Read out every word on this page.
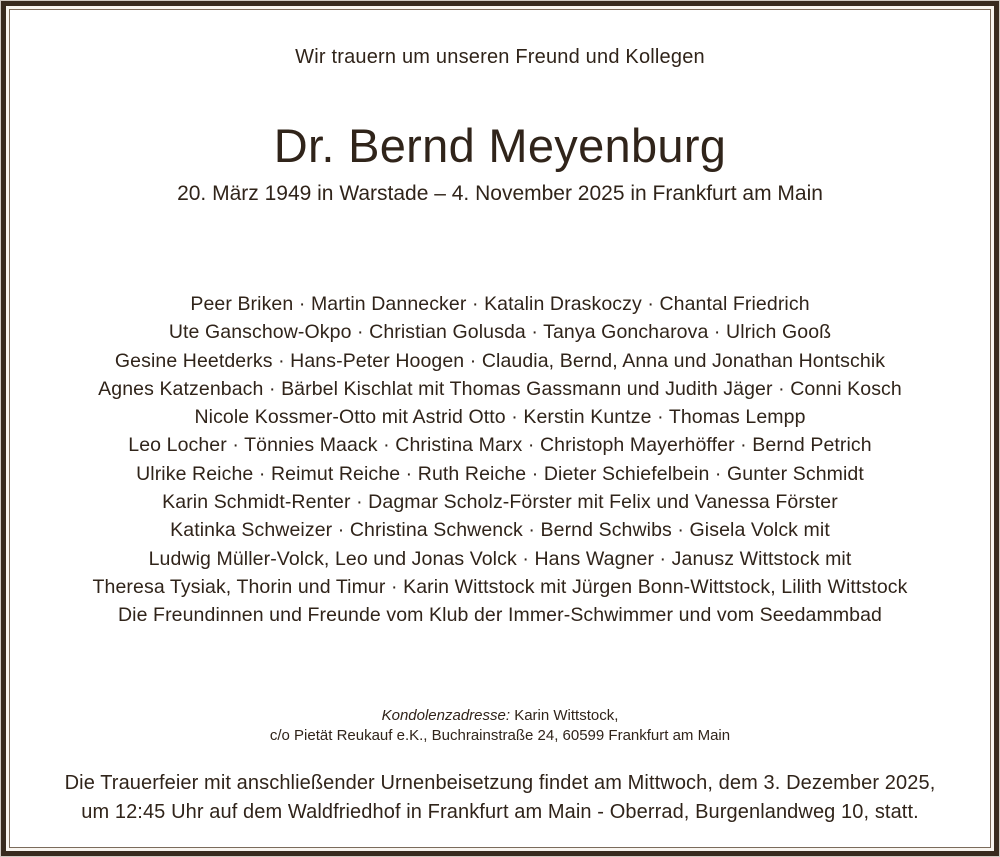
Wir trauern um unseren Freund und Kollegen
Dr. Bernd Meyenburg
20. März 1949 in Warstade – 4. November 2025 in Frankfurt am Main
Peer Briken · Martin Dannecker · Katalin Draskoczy · Chantal Friedrich
Ute Ganschow-Okpo · Christian Golusda · Tanya Goncharova · Ulrich Gooß
Gesine Heetderks · Hans-Peter Hoogen · Claudia, Bernd, Anna und Jonathan Hontschik
Agnes Katzenbach · Bärbel Kischlat mit Thomas Gassmann und Judith Jäger · Conni Kosch
Nicole Kossmer-Otto mit Astrid Otto · Kerstin Kuntze · Thomas Lempp
Leo Locher · Tönnies Maack · Christina Marx · Christoph Mayerhöffer · Bernd Petrich
Ulrike Reiche · Reimut Reiche · Ruth Reiche · Dieter Schiefelbein · Gunter Schmidt
Karin Schmidt-Renter · Dagmar Scholz-Förster mit Felix und Vanessa Förster
Katinka Schweizer · Christina Schwenck · Bernd Schwibs · Gisela Volck mit
Ludwig Müller-Volck, Leo und Jonas Volck · Hans Wagner · Janusz Wittstock mit
Theresa Tysiak, Thorin und Timur · Karin Wittstock mit Jürgen Bonn-Wittstock, Lilith Wittstock
Die Freundinnen und Freunde vom Klub der Immer-Schwimmer und vom Seedammbad
Kondolenzadresse: Karin Wittstock,
c/o Pietät Reukauf e.K., Buchrainstraße 24, 60599 Frankfurt am Main
Die Trauerfeier mit anschließender Urnenbeisetzung findet am Mittwoch, dem 3. Dezember 2025,
um 12:45 Uhr auf dem Waldfriedhof in Frankfurt am Main - Oberrad, Burgenlandweg 10, statt.
